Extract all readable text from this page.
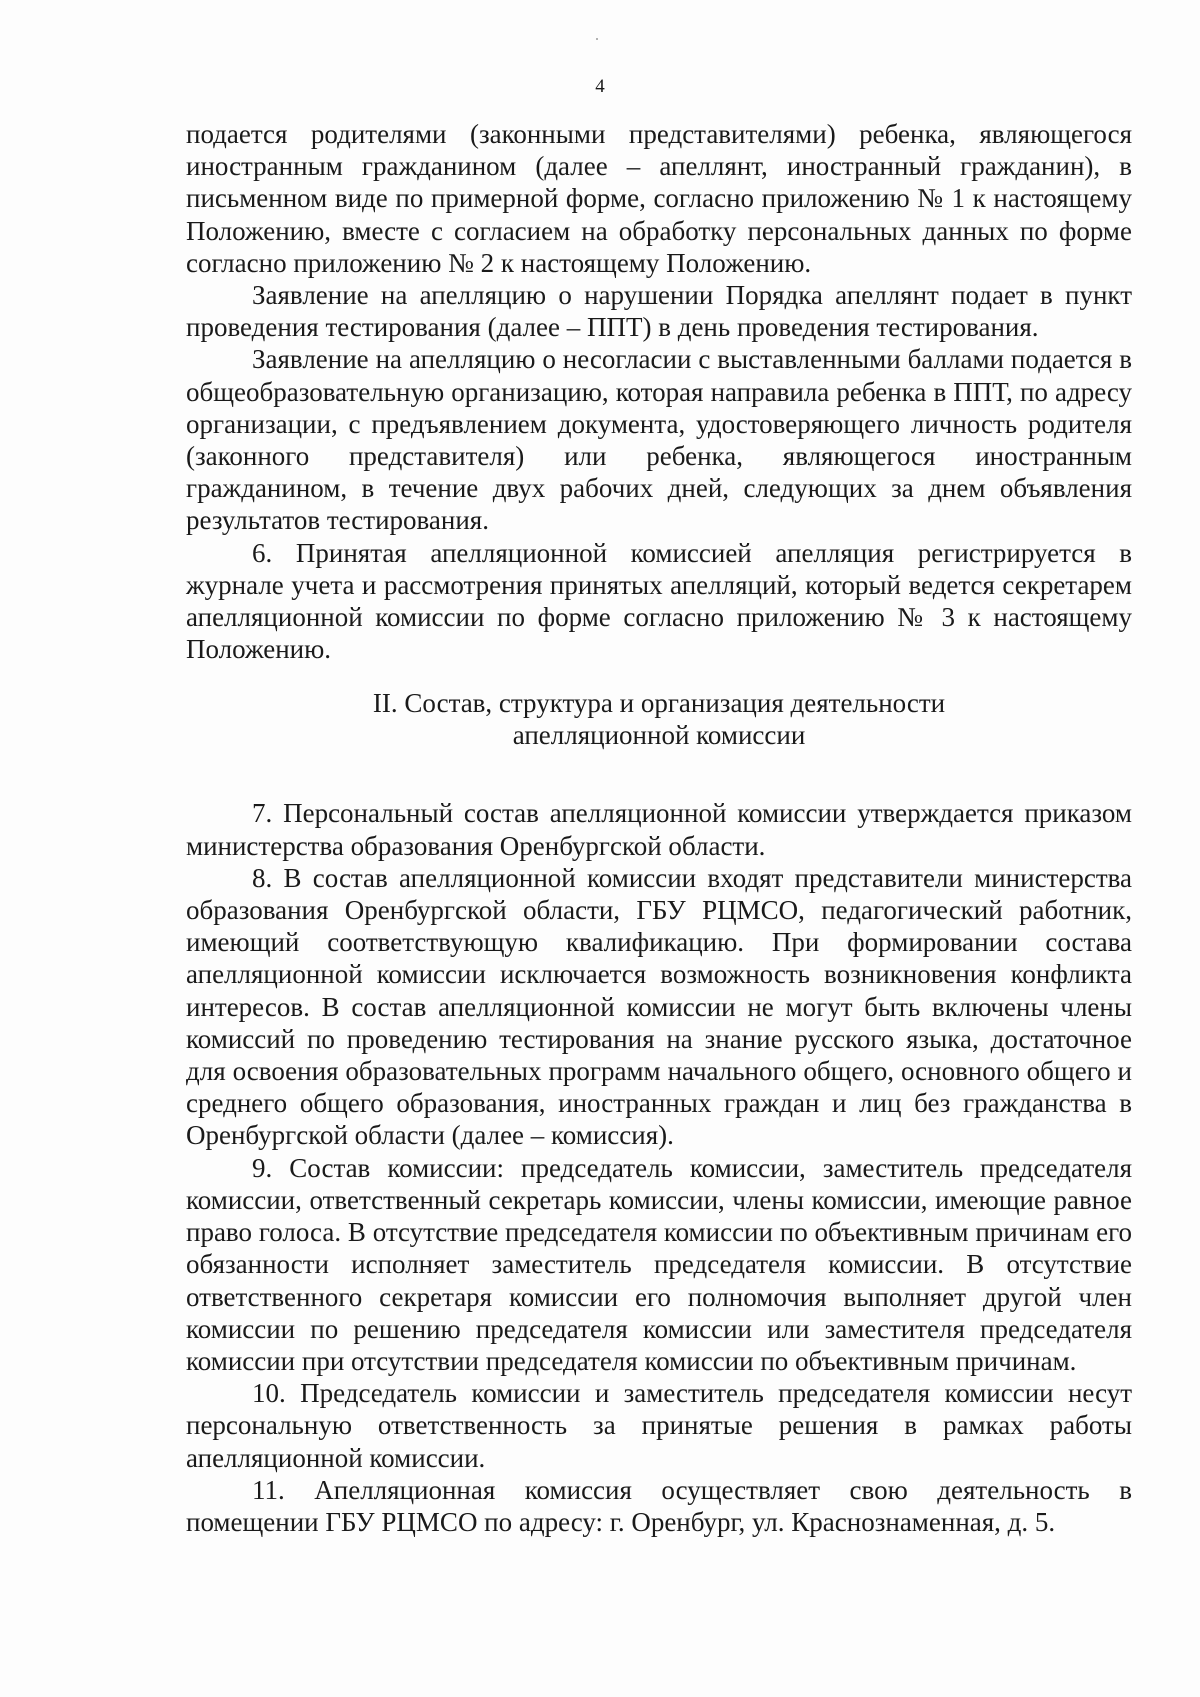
4

подается родителями (законными представителями) ребенка, являющегося иностранным гражданином (далее – апеллянт, иностранный гражданин), в письменном виде по примерной форме, согласно приложению № 1 к настоящему Положению, вместе с согласием на обработку персональных данных по форме согласно приложению № 2 к настоящему Положению.

Заявление на апелляцию о нарушении Порядка апеллянт подает в пункт проведения тестирования (далее – ППТ) в день проведения тестирования.

Заявление на апелляцию о несогласии с выставленными баллами подается в общеобразовательную организацию, которая направила ребенка в ППТ, по адресу организации, с предъявлением документа, удостоверяющего личность родителя (законного представителя) или ребенка, являющегося иностранным гражданином, в течение двух рабочих дней, следующих за днем объявления результатов тестирования.

6. Принятая апелляционной комиссией апелляция регистрируется в журнале учета и рассмотрения принятых апелляций, который ведется секретарем апелляционной комиссии по форме согласно приложению № 3 к настоящему Положению.

II. Состав, структура и организация деятельности
апелляционной комиссии

7. Персональный состав апелляционной комиссии утверждается приказом министерства образования Оренбургской области.

8. В состав апелляционной комиссии входят представители министерства образования Оренбургской области, ГБУ РЦМСО, педагогический работник, имеющий соответствующую квалификацию. При формировании состава апелляционной комиссии исключается возможность возникновения конфликта интересов. В состав апелляционной комиссии не могут быть включены члены комиссий по проведению тестирования на знание русского языка, достаточное для освоения образовательных программ начального общего, основного общего и среднего общего образования, иностранных граждан и лиц без гражданства в Оренбургской области (далее – комиссия).

9. Состав комиссии: председатель комиссии, заместитель председателя комиссии, ответственный секретарь комиссии, члены комиссии, имеющие равное право голоса. В отсутствие председателя комиссии по объективным причинам его обязанности исполняет заместитель председателя комиссии. В отсутствие ответственного секретаря комиссии его полномочия выполняет другой член комиссии по решению председателя комиссии или заместителя председателя комиссии при отсутствии председателя комиссии по объективным причинам.

10. Председатель комиссии и заместитель председателя комиссии несут персональную ответственность за принятые решения в рамках работы апелляционной комиссии.

11. Апелляционная комиссия осуществляет свою деятельность в помещении ГБУ РЦМСО по адресу: г. Оренбург, ул. Краснознаменная, д. 5.
